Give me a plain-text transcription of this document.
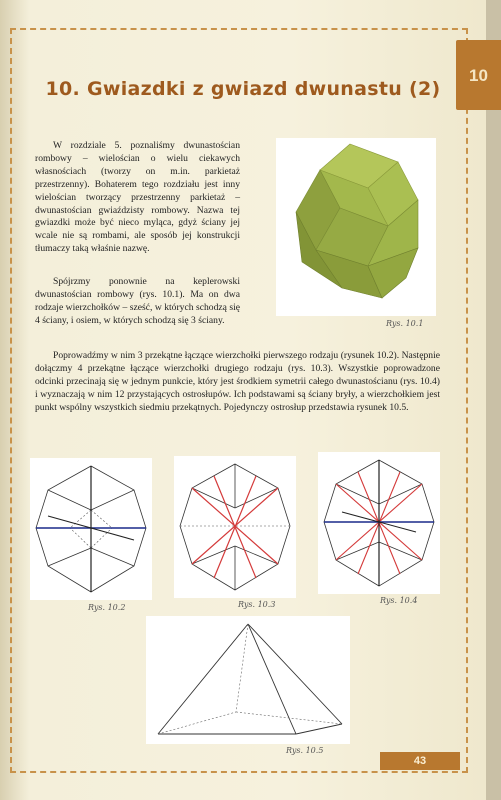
10. Gwiazdki z gwiazd dwunastu (2)
W rozdziale 5. poznaliśmy dwunastościan rombowy – wielościan o wielu ciekawych własnościach (tworzy on m.in. parkietaż przestrzenny). Bohaterem tego rozdziału jest inny wielościan tworzący przestrzenny parkietaż – dwunastościan gwiaździsty rombowy. Nazwa tej gwiazdki może być nieco myląca, gdyż ściany jej wcale nie są rombami, ale sposób jej konstrukcji tłumaczy taką właśnie nazwę.
Spójrzmy ponownie na keplerowski dwunastościan rombowy (rys. 10.1). Ma on dwa rodzaje wierzchołków – sześć, w których schodzą się 4 ściany, i osiem, w których schodzą się 3 ściany.
Poprowadźmy w nim 3 przekątne łączące wierzchołki pierwszego rodzaju (rysunek 10.2). Następnie dołączmy 4 przekątne łączące wierzchołki drugiego rodzaju (rys. 10.3). Wszystkie poprowadzone odcinki przecinają się w jednym punkcie, który jest środkiem symetrii całego dwunastościanu (rys. 10.4) i wyznaczają w nim 12 przystających ostrosłupów. Ich podstawami są ściany bryły, a wierzchołkiem jest punkt wspólny wszystkich siedmiu przekątnych. Pojedynczy ostrosłup przedstawia rysunek 10.5.
Rys. 10.1
Rys. 10.2	Rys. 10.3	Rys. 10.4
Rys. 10.5
43
10
